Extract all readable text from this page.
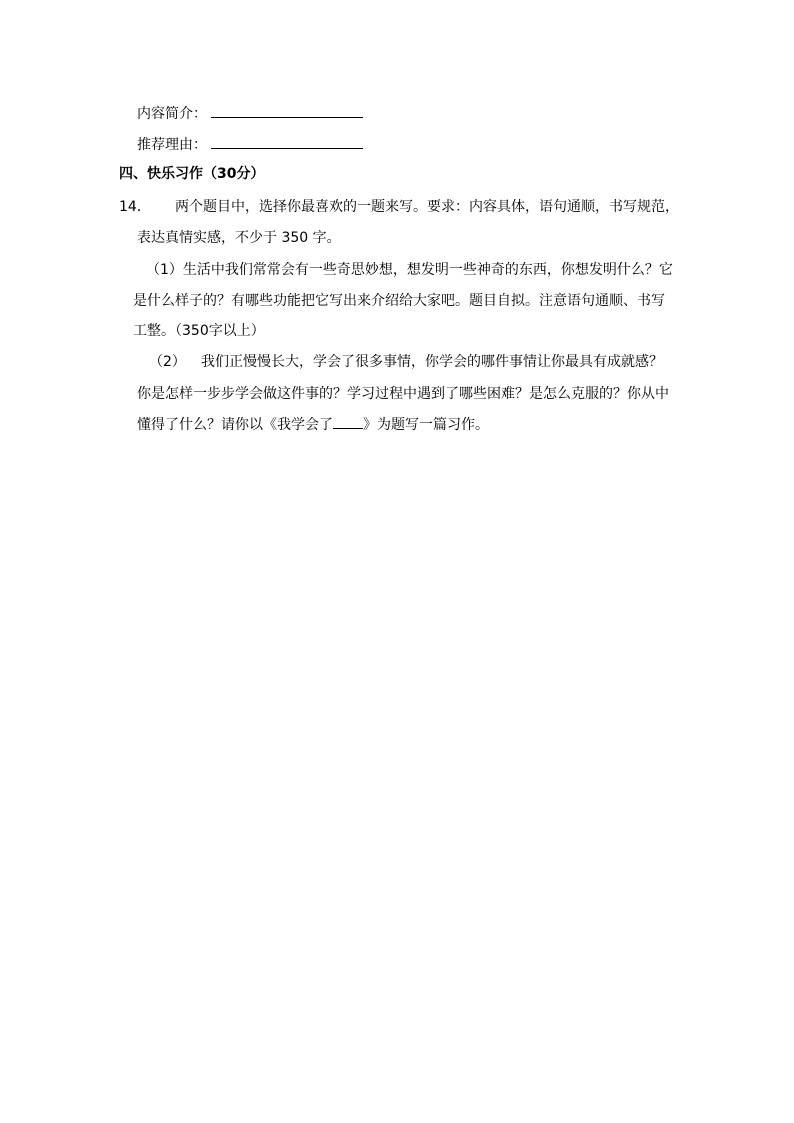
内容简介：
推荐理由：
四、快乐习作（30分）
14． 两个题目中，选择你最喜欢的一题来写。要求：内容具体，语句通顺，书写规范，
表达真情实感，不少于 350 字。
（1）生活中我们常常会有一些奇思妙想，想发明一些神奇的东西，你想发明什么？它
是什么样子的？有哪些功能把它写出来介绍给大家吧。题目自拟。注意语句通顺、书写
工整。（350字以上）
（2） 我们正慢慢长大，学会了很多事情，你学会的哪件事情让你最具有成就感？
你是怎样一步步学会做这件事的？学习过程中遇到了哪些困难？是怎么克服的？你从中
懂得了什么？请你以《我学会了 》为题写一篇习作。
